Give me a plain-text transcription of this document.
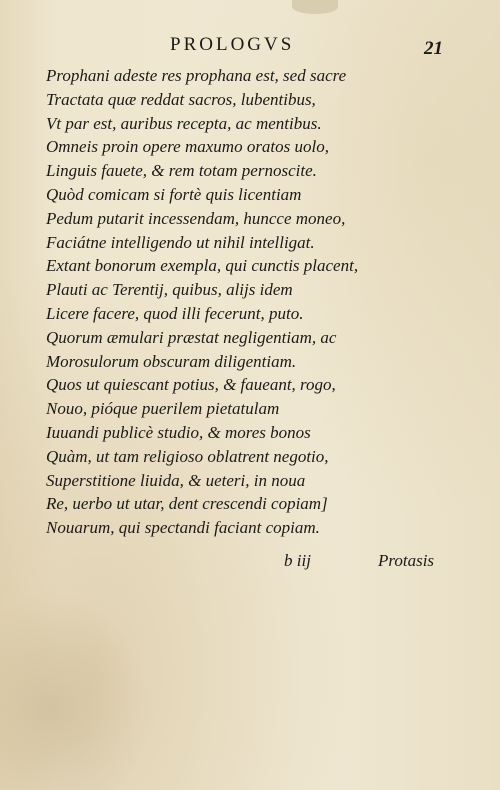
PROLOGVS	21
Prophani adeste res prophana est, sed sacre
Tractata quæ reddat sacros, lubentibus,
Vt par est, auribus recepta, ac mentibus.
Omneis proin opere maxumo oratos uolo,
Linguis fauete, & rem totam pernoscite.
Quòd comicam si fortè quis licentiam
Pedum putarit incessendam, huncce moneo,
Faciátne intelligendo ut nihil intelligat.
Extant bonorum exempla, qui cunctis placent,
Plauti ac Terentij, quibus, alijs idem
Licere facere, quod illi fecerunt, puto.
Quorum æmulari præstat negligentiam, ac
Morosulorum obscuram diligentiam.
Quos ut quiescant potius, & faueant, rogo,
Nouo, pióque puerilem pietatulam
Iuuandi publicè studio, & mores bonos
Quàm, ut tam religioso oblatrent negotio,
Superstitione liuida, & ueteri, in noua
Re, uerbo ut utar, dent crescendi copiam]
Nouarum, qui spectandi faciant copiam.
b iij	Protasis
